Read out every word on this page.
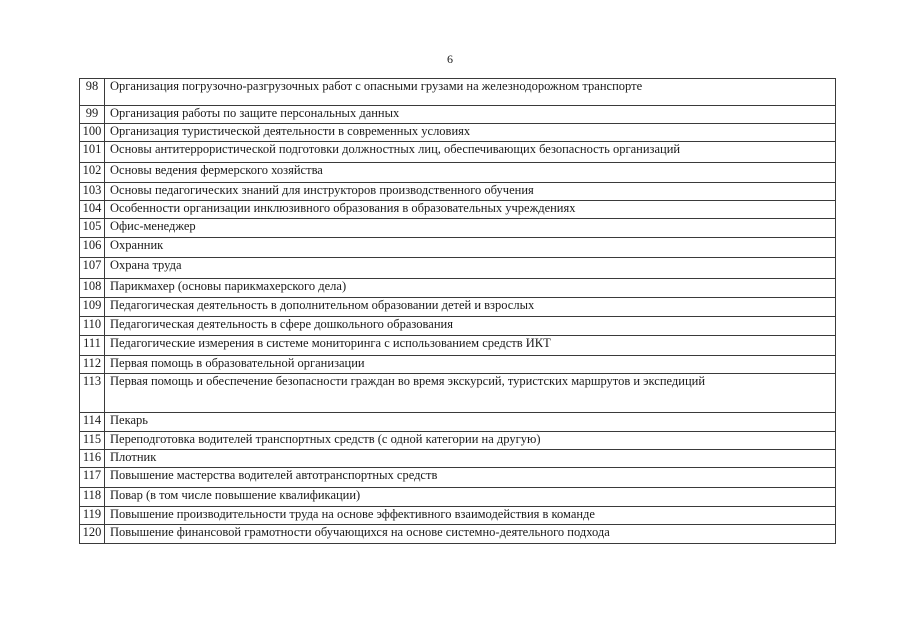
6
98	Организация погрузочно-разгрузочных работ с опасными грузами на железнодорожном транспорте
99	Организация работы по защите персональных данных
100	Организация туристической деятельности в современных условиях
101	Основы антитеррористической подготовки должностных лиц, обеспечивающих безопасность организаций
102	Основы ведения фермерского хозяйства
103	Основы педагогических знаний для инструкторов производственного обучения
104	Особенности организации инклюзивного образования в образовательных учреждениях
105	Офис-менеджер
106	Охранник
107	Охрана труда
108	Парикмахер (основы парикмахерского дела)
109	Педагогическая деятельность в дополнительном образовании детей и взрослых
110	Педагогическая деятельность в сфере дошкольного образования
111	Педагогические измерения в системе мониторинга с использованием средств ИКТ
112	Первая помощь в образовательной организации
113	Первая помощь и обеспечение безопасности граждан во время экскурсий, туристских маршрутов и экспедиций
114	Пекарь
115	Переподготовка водителей транспортных средств (с одной категории на другую)
116	Плотник
117	Повышение мастерства водителей автотранспортных средств
118	Повар (в том числе повышение квалификации)
119	Повышение производительности труда на основе эффективного взаимодействия в команде
120	Повышение финансовой грамотности обучающихся на основе системно-деятельного подхода
